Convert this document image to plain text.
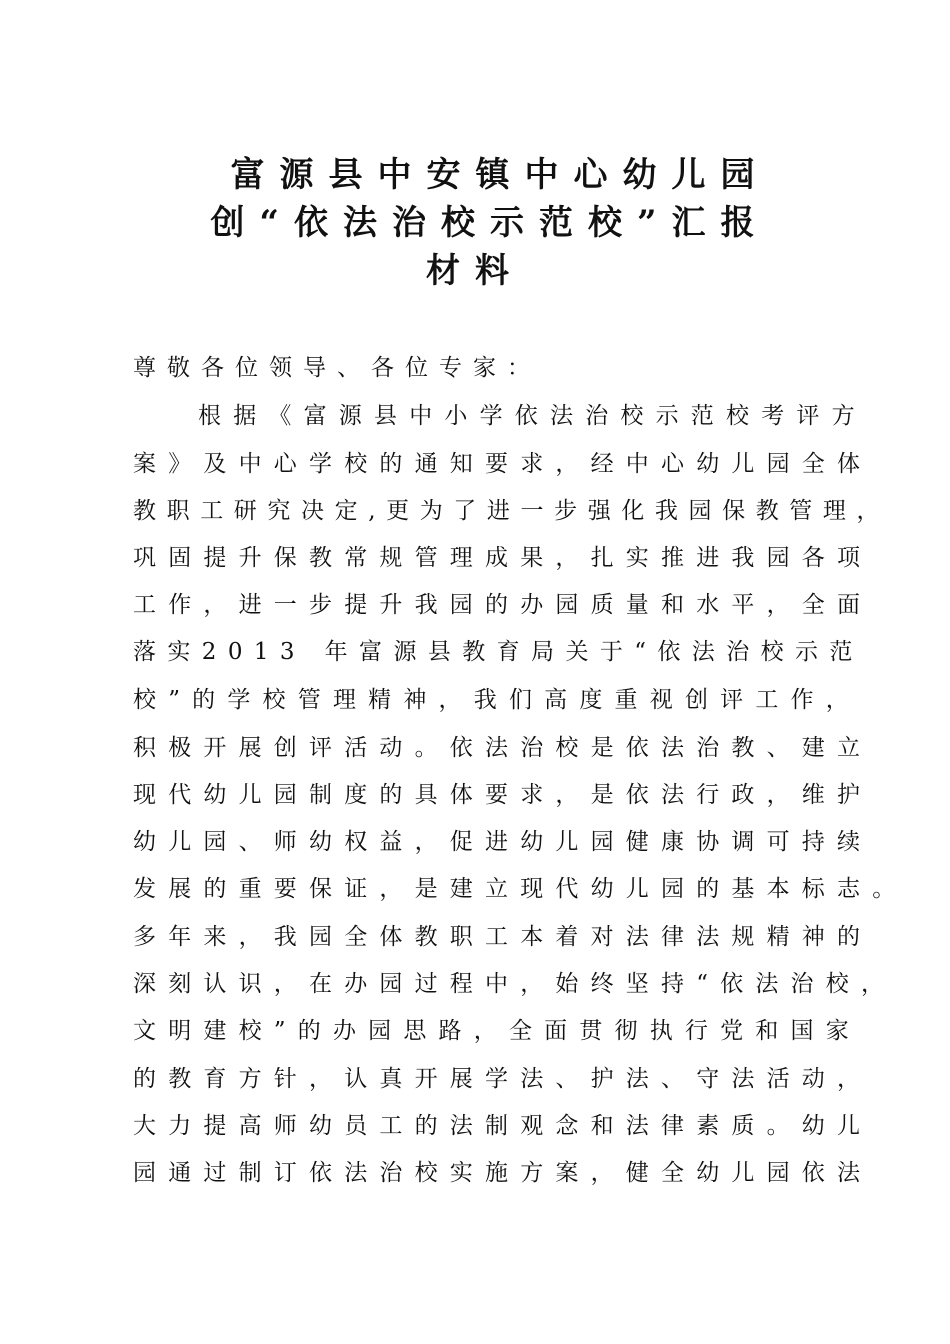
富源县中安镇中心幼儿园
创“依法治校示范校”汇报
材料
尊敬各位领导、各位专家：
根据《富源县中小学依法治校示范校考评方
案》及中心学校的通知要求，经中心幼儿园全体
教职工研究决定,更为了进一步强化我园保教管理，
巩固提升保教常规管理成果，扎实推进我园各项
工作，进一步提升我园的办园质量和水平，全面
落实2013 年富源县教育局关于“依法治校示范
校”的学校管理精神，我们高度重视创评工作，
积极开展创评活动。依法治校是依法治教、建立
现代幼儿园制度的具体要求，是依法行政，维护
幼儿园、师幼权益，促进幼儿园健康协调可持续
发展的重要保证，是建立现代幼儿园的基本标志。
多年来，我园全体教职工本着对法律法规精神的
深刻认识，在办园过程中，始终坚持“依法治校，
文明建校”的办园思路，全面贯彻执行党和国家
的教育方针，认真开展学法、护法、守法活动，
大力提高师幼员工的法制观念和法律素质。幼儿
园通过制订依法治校实施方案，健全幼儿园依法
